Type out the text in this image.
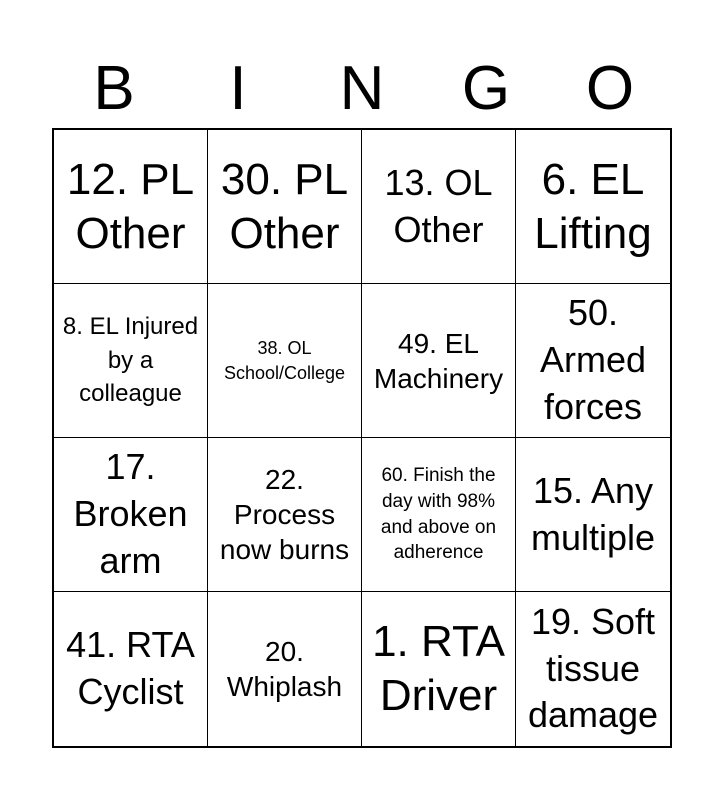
B	I	N	G	O
12. PL Other
30. PL Other
13. OL Other
6. EL Lifting
8. EL Injured by a colleague
38. OL School/College
49. EL Machinery
50. Armed forces
17. Broken arm
22. Process now burns
60. Finish the day with 98% and above on adherence
15. Any multiple
41. RTA Cyclist
20. Whiplash
1. RTA Driver
19. Soft tissue damage
